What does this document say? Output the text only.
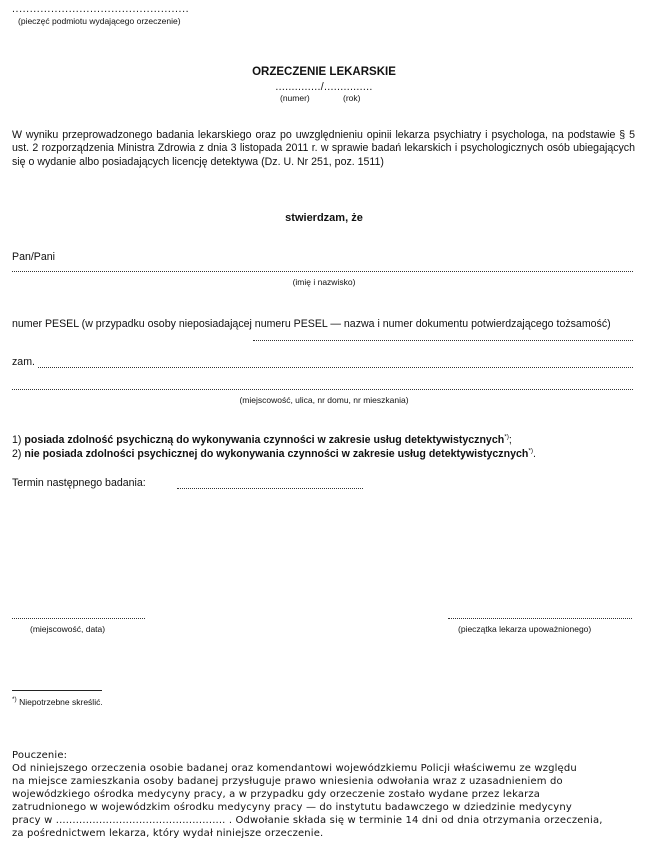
..................................................
(pieczęć podmiotu wydającego orzeczenie)
ORZECZENIE LEKARSKIE
............../...............
(numer)	(rok)
W wyniku przeprowadzonego badania lekarskiego oraz po uwzględnieniu opinii lekarza psychiatry i psychologa, na podstawie § 5 ust. 2 rozporządzenia Ministra Zdrowia z dnia 3 listopada 2011 r. w sprawie badań lekarskich i psychologicznych osób ubiegających się o wydanie albo posiadających licencję detektywa (Dz. U. Nr 251, poz. 1511)
stwierdzam, że
Pan/Pani
(imię i nazwisko)
numer PESEL (w przypadku osoby nieposiadającej numeru PESEL — nazwa i numer dokumentu potwierdzającego tożsamość)
zam.
(miejscowość, ulica, nr domu, nr mieszkania)
1) posiada zdolność psychiczną do wykonywania czynności w zakresie usług detektywistycznych*);
2) nie posiada zdolności psychicznej do wykonywania czynności w zakresie usług detektywistycznych*).
Termin następnego badania:
(miejscowość, data)	(pieczątka lekarza upoważnionego)
*) Niepotrzebne skreślić.
Pouczenie:
Od niniejszego orzeczenia osobie badanej oraz komendantowi wojewódzkiemu Policji właściwemu ze względu
na miejsce zamieszkania osoby badanej przysługuje prawo wniesienia odwołania wraz z uzasadnieniem do
wojewódzkiego ośrodka medycyny pracy, a w przypadku gdy orzeczenie zostało wydane przez lekarza
zatrudnionego w wojewódzkim ośrodku medycyny pracy — do instytutu badawczego w dziedzinie medycyny
pracy w ................................................... . Odwołanie składa się w terminie 14 dni od dnia otrzymania orzeczenia,
za pośrednictwem lekarza, który wydał niniejsze orzeczenie.
